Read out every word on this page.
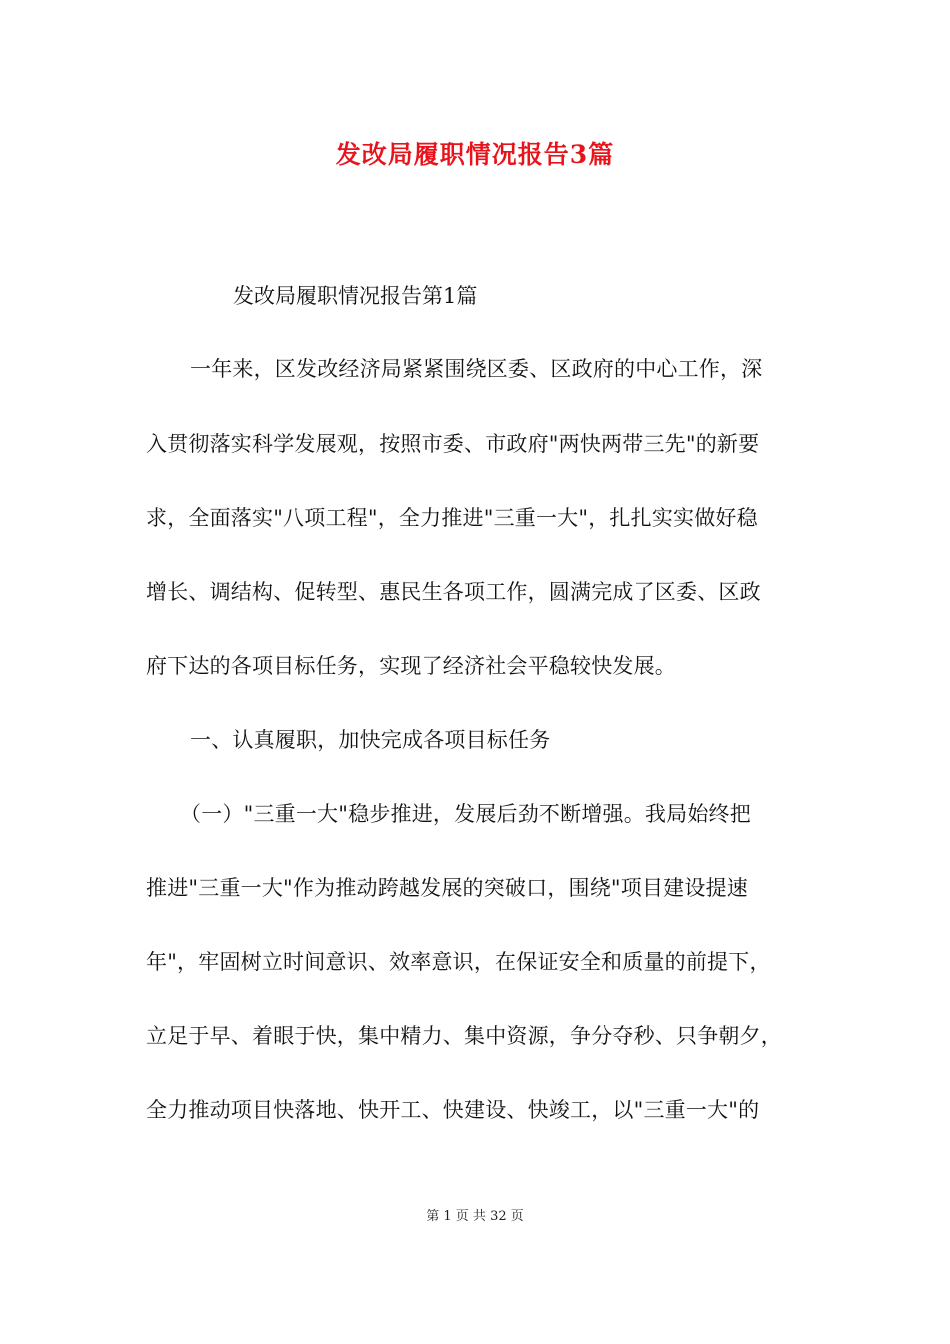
发改局履职情况报告3篇
发改局履职情况报告第1篇
一年来，区发改经济局紧紧围绕区委、区政府的中心工作，深
入贯彻落实科学发展观，按照市委、市政府"两快两带三先"的新要
求，全面落实"八项工程"，全力推进"三重一大"，扎扎实实做好稳
增长、调结构、促转型、惠民生各项工作，圆满完成了区委、区政
府下达的各项目标任务，实现了经济社会平稳较快发展。
一、认真履职，加快完成各项目标任务
（一）"三重一大"稳步推进，发展后劲不断增强。我局始终把
推进"三重一大"作为推动跨越发展的突破口，围绕"项目建设提速
年"，牢固树立时间意识、效率意识，在保证安全和质量的前提下，
立足于早、着眼于快，集中精力、集中资源，争分夺秒、只争朝夕，
全力推动项目快落地、快开工、快建设、快竣工，以"三重一大"的
第 1 页 共 32 页
